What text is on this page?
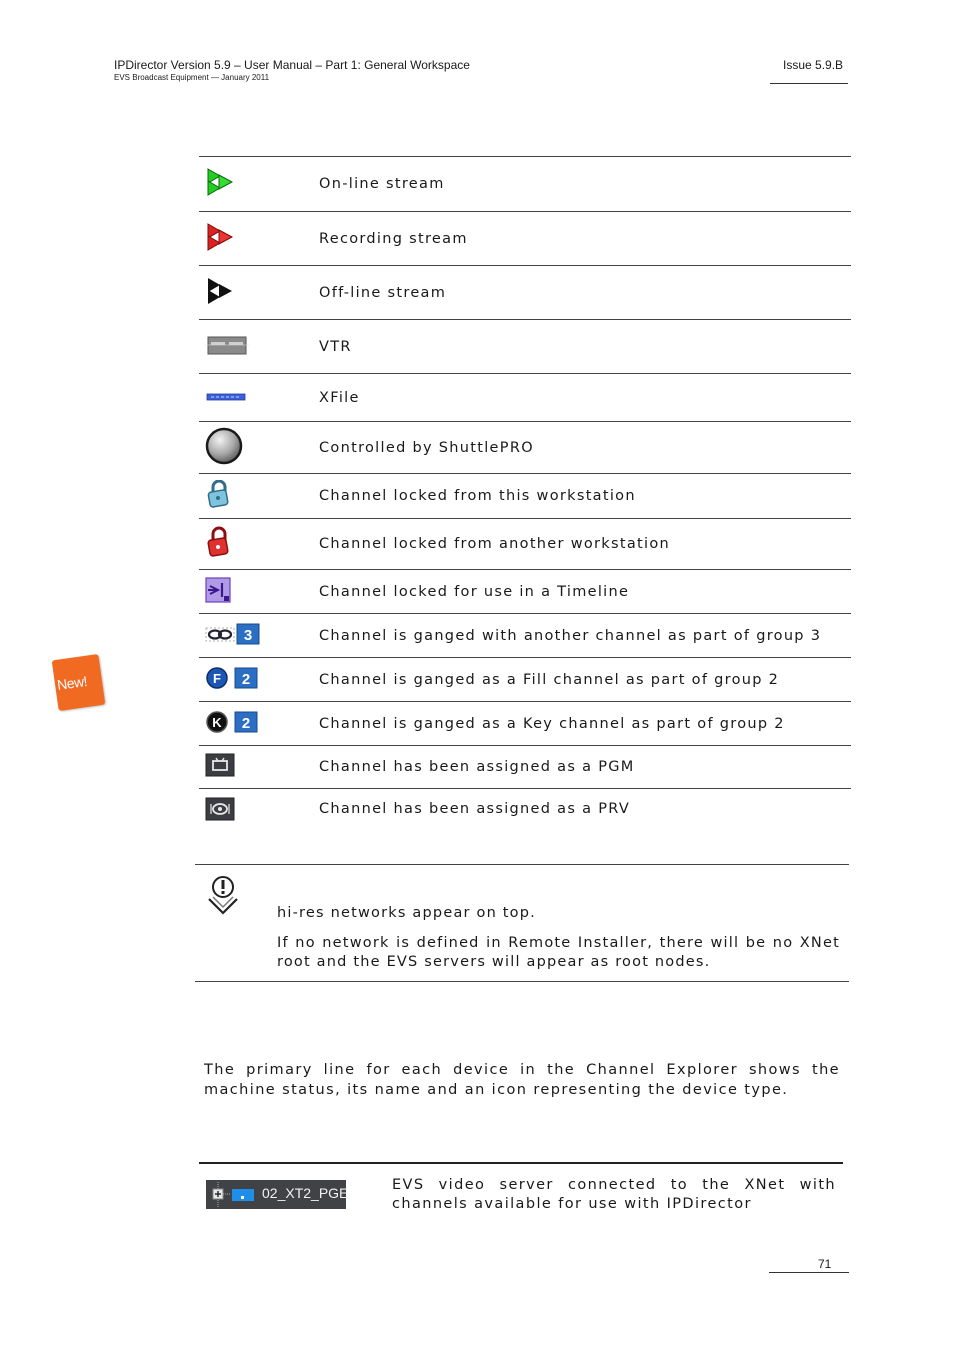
IPDirector Version 5.9 – User Manual – Part 1: General Workspace
EVS Broadcast Equipment — January 2011
Issue 5.9.B
	On-line stream
	Recording stream
	Off-line stream
	VTR
	XFile
	Controlled by ShuttlePRO
	Channel locked from this workstation
	Channel locked from another workstation
	Channel locked for use in a Timeline

3	Channel is ganged with another channel as part of group 3

F 2	Channel is ganged as a Fill channel as part of group 2

K 2	Channel is ganged as a Key channel as part of group 2
	Channel has been assigned as a PGM
	Channel has been assigned as a PRV
New!
hi-res networks appear on top.
If no network is defined in Remote Installer, there will be no XNet root and the EVS servers will appear as root nodes.
The primary line for each device in the Channel Explorer shows the machine status, its name and an icon representing the device type.
02_XT2_PGE	EVS video server connected to the XNet with channels available for use with IPDirector
71
